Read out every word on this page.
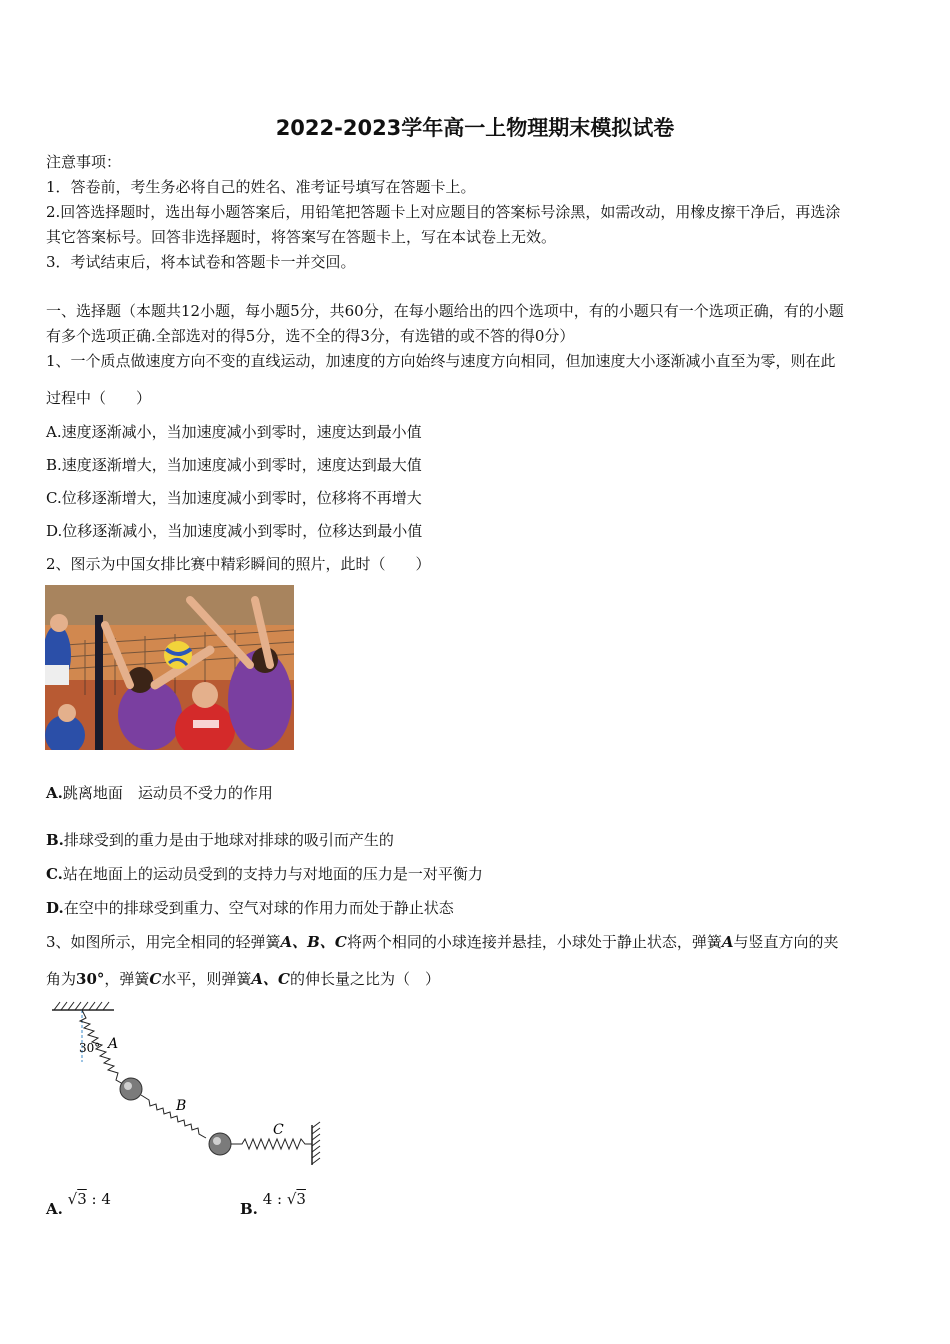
2022-2023学年高一上物理期末模拟试卷
注意事项：
1．答卷前，考生务必将自己的姓名、准考证号填写在答题卡上。
2.回答选择题时，选出每小题答案后，用铅笔把答题卡上对应题目的答案标号涂黑，如需改动，用橡皮擦干净后，再选涂
其它答案标号。回答非选择题时，将答案写在答题卡上，写在本试卷上无效。
3．考试结束后，将本试卷和答题卡一并交回。
一、选择题（本题共12小题，每小题5分，共60分，在每小题给出的四个选项中，有的小题只有一个选项正确，有的小题
有多个选项正确.全部选对的得5分，选不全的得3分，有选错的或不答的得0分）
1、一个质点做速度方向不变的直线运动，加速度的方向始终与速度方向相同，但加速度大小逐渐减小直至为零，则在此
过程中（　　）
A.速度逐渐减小，当加速度减小到零时，速度达到最小值
B.速度逐渐增大，当加速度减小到零时，速度达到最大值
C.位移逐渐增大，当加速度减小到零时，位移将不再增大
D.位移逐渐减小，当加速度减小到零时，位移达到最小值
2、图示为中国女排比赛中精彩瞬间的照片，此时（　　）
A.跳离地面　运动员不受力的作用
B.排球受到的重力是由于地球对排球的吸引而产生的
C.站在地面上的运动员受到的支持力与对地面的压力是一对平衡力
D.在空中的排球受到重力、空气对球的作用力而处于静止状态
3、如图所示，用完全相同的轻弹簧A、B、C将两个相同的小球连接并悬挂，小球处于静止状态，弹簧A与竖直方向的夹
角为30°，弹簧C水平，则弹簧A、C的伸长量之比为（　）
30° A
B
C
A. √3 : 4
B. 4 : √3
